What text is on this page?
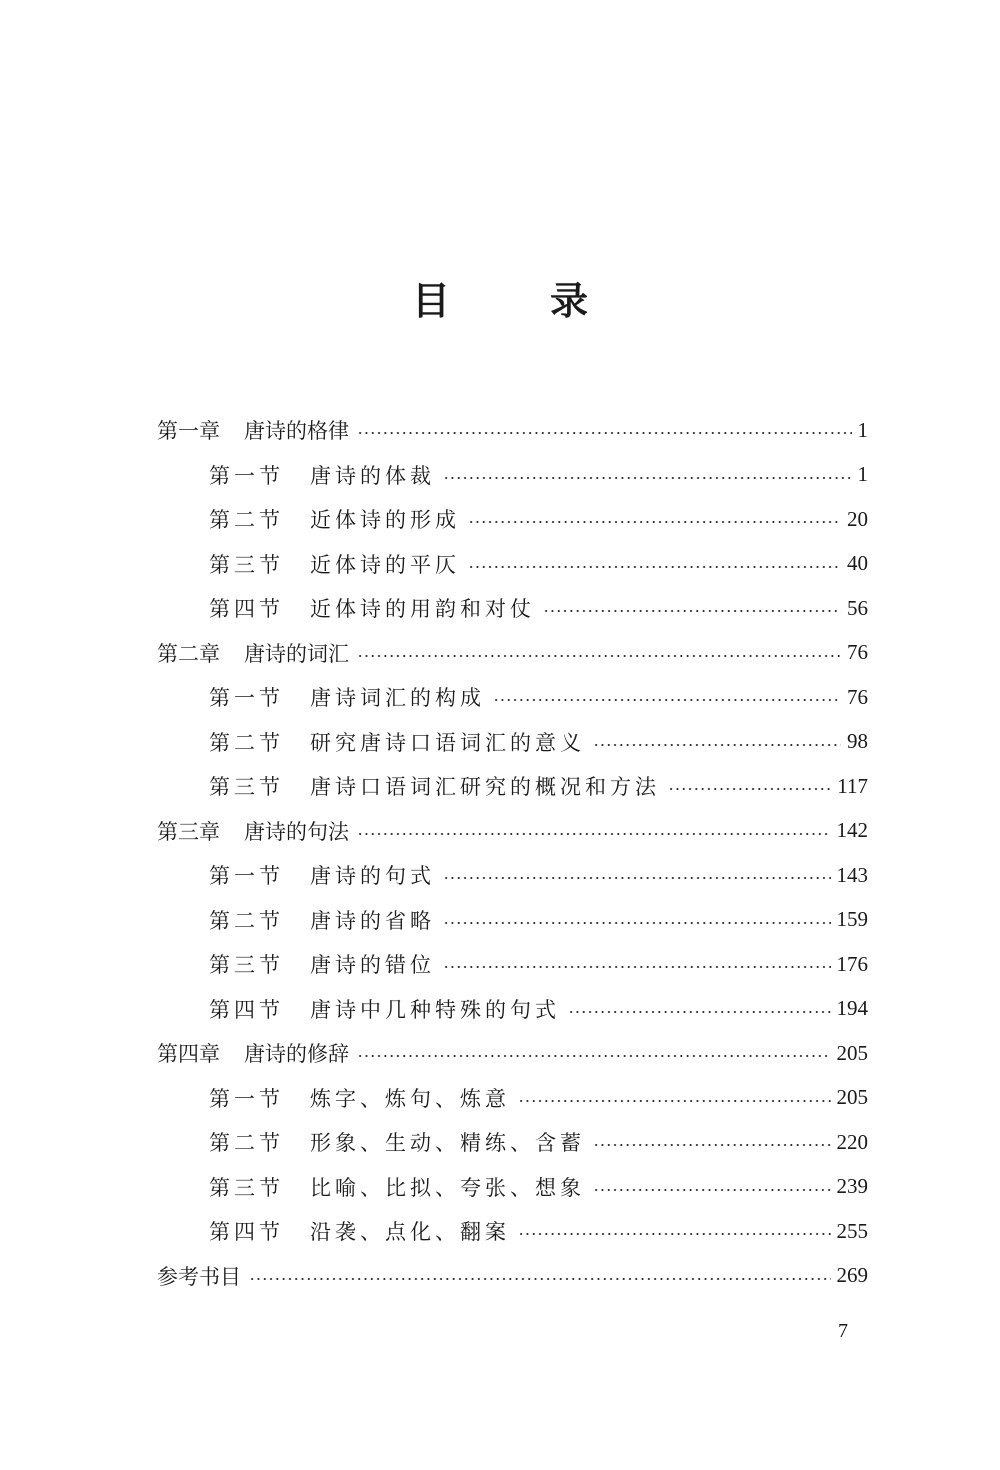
目	录
第一章 唐诗的格律	1
第一节 唐诗的体裁	1
第二节 近体诗的形成	20
第三节 近体诗的平仄	40
第四节 近体诗的用韵和对仗	56
第二章 唐诗的词汇	76
第一节 唐诗词汇的构成	76
第二节 研究唐诗口语词汇的意义	98
第三节 唐诗口语词汇研究的概况和方法	117
第三章 唐诗的句法	142
第一节 唐诗的句式	143
第二节 唐诗的省略	159
第三节 唐诗的错位	176
第四节 唐诗中几种特殊的句式	194
第四章 唐诗的修辞	205
第一节 炼字、炼句、炼意	205
第二节 形象、生动、精练、含蓄	220
第三节 比喻、比拟、夸张、想象	239
第四节 沿袭、点化、翻案	255
参考书目	269
7
